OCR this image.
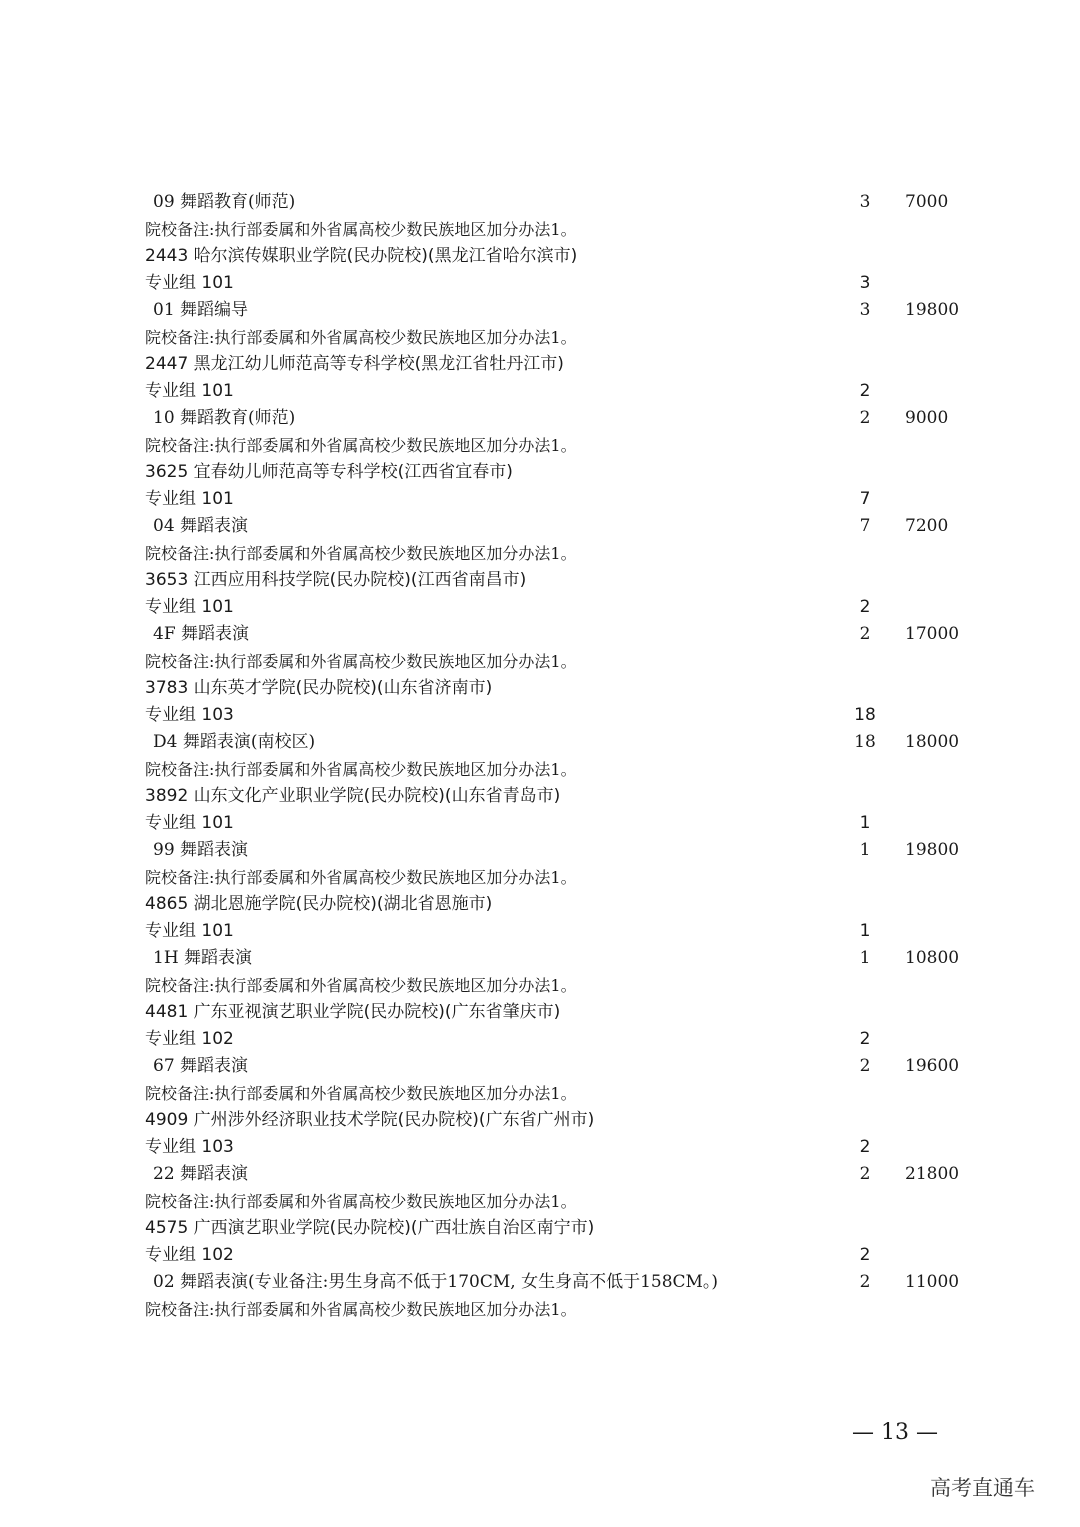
09 舞蹈教育(师范)	3	7000
院校备注:执行部委属和外省属高校少数民族地区加分办法1。
2443 哈尔滨传媒职业学院(民办院校)(黑龙江省哈尔滨市)
专业组 101	3
01 舞蹈编导	3	19800
院校备注:执行部委属和外省属高校少数民族地区加分办法1。
2447 黑龙江幼儿师范高等专科学校(黑龙江省牡丹江市)
专业组 101	2
10 舞蹈教育(师范)	2	9000
院校备注:执行部委属和外省属高校少数民族地区加分办法1。
3625 宜春幼儿师范高等专科学校(江西省宜春市)
专业组 101	7
04 舞蹈表演	7	7200
院校备注:执行部委属和外省属高校少数民族地区加分办法1。
3653 江西应用科技学院(民办院校)(江西省南昌市)
专业组 101	2
4F 舞蹈表演	2	17000
院校备注:执行部委属和外省属高校少数民族地区加分办法1。
3783 山东英才学院(民办院校)(山东省济南市)
专业组 103	18
D4 舞蹈表演(南校区)	18 18000
院校备注:执行部委属和外省属高校少数民族地区加分办法1。
3892 山东文化产业职业学院(民办院校)(山东省青岛市)
专业组 101	1
99 舞蹈表演	1	19800
院校备注:执行部委属和外省属高校少数民族地区加分办法1。
4865 湖北恩施学院(民办院校)(湖北省恩施市)
专业组 101	1
1H 舞蹈表演	1	10800
院校备注:执行部委属和外省属高校少数民族地区加分办法1。
4481 广东亚视演艺职业学院(民办院校)(广东省肇庆市)
专业组 102	2
67 舞蹈表演	2	19600
院校备注:执行部委属和外省属高校少数民族地区加分办法1。
4909 广州涉外经济职业技术学院(民办院校)(广东省广州市)
专业组 103	2
22 舞蹈表演	2	21800
院校备注:执行部委属和外省属高校少数民族地区加分办法1。
4575 广西演艺职业学院(民办院校)(广西壮族自治区南宁市)
专业组 102	2
02 舞蹈表演(专业备注:男生身高不低于170CM, 女生身高不低于158CM。)	2	11000
院校备注:执行部委属和外省属高校少数民族地区加分办法1。
— 13 —
高考直通车
